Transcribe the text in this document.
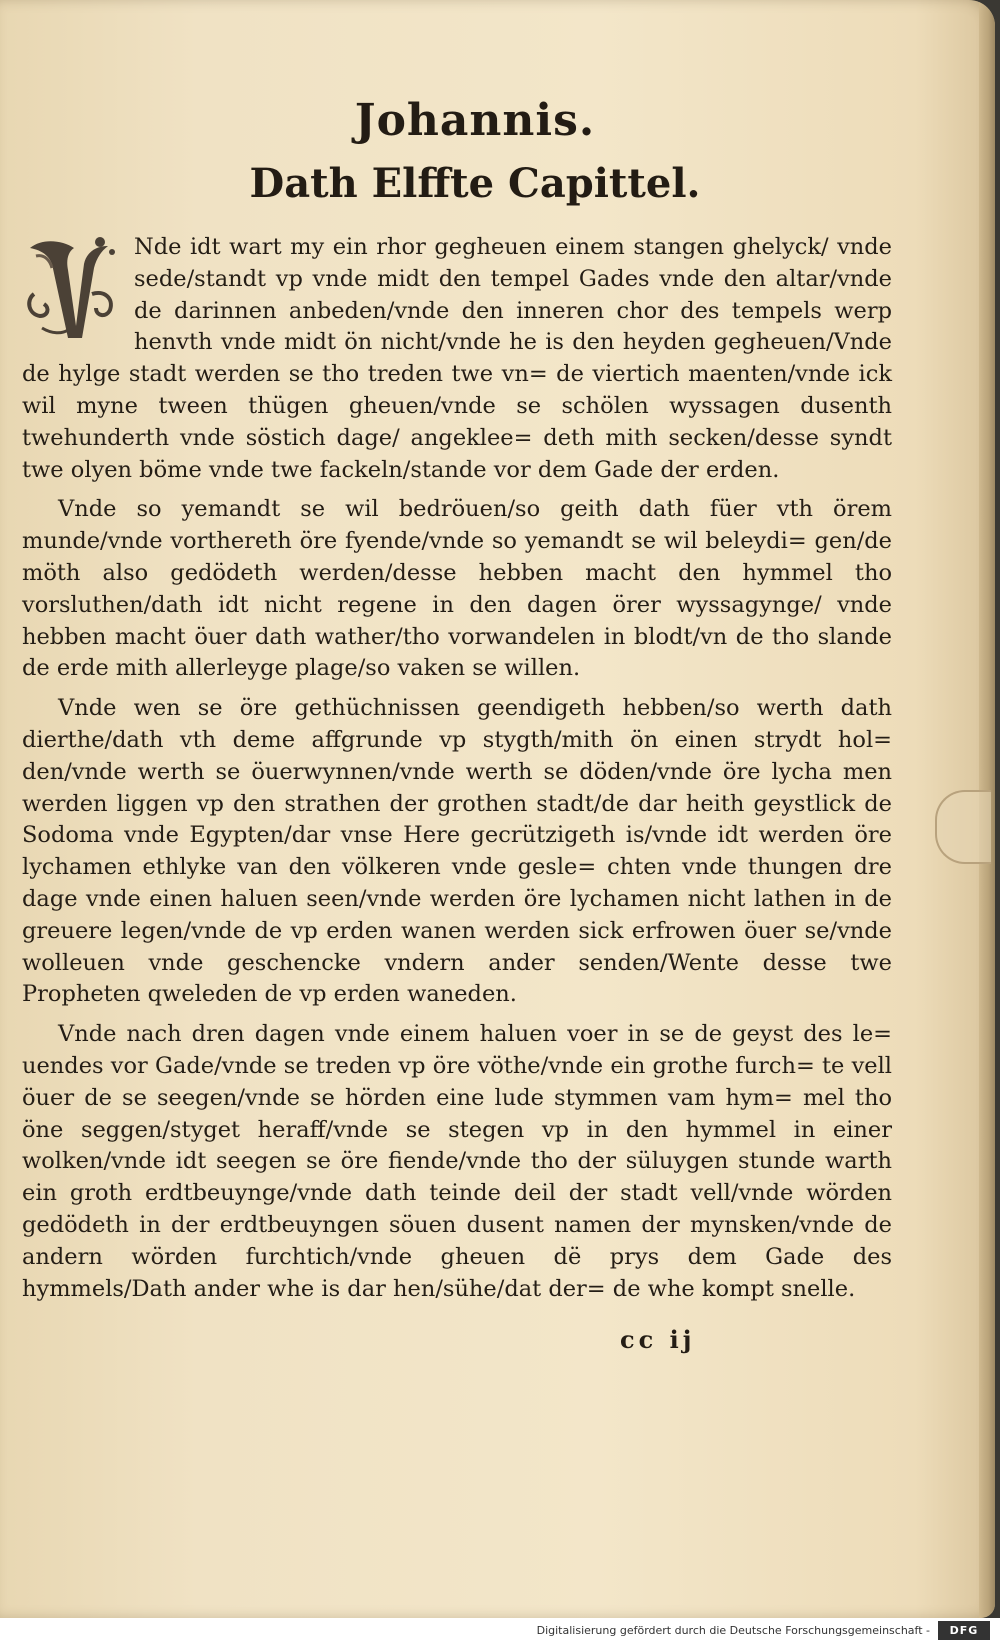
Johannis.
Dath Elffte Capittel.

Nde idt wart my ein rhor gegheuen einem stangen ghelyck/ vnde sede/standt vp vnde midt den tempel Gades vnde den altar/vnde de darinnen anbeden/vnde den inneren chor des tempels werp henvth vnde midt ön nicht/vnde he is den heyden gegheuen/Vnde de hylge stadt werden se tho treden twe vn= de viertich maenten/vnde ick wil myne tween thügen gheuen/vnde se schölen wyssagen dusenth twehunderth vnde söstich dage/ angeklee= deth mith secken/desse syndt twe olyen böme vnde twe fackeln/stande vor dem Gade der erden.

Vnde so yemandt se wil bedröuen/so geith dath füer vth örem munde/vnde vorthereth öre fyende/vnde so yemandt se wil beleydi= gen/de möth also gedödeth werden/desse hebben macht den hymmel tho vorsluthen/dath idt nicht regene in den dagen örer wyssagynge/ vnde hebben macht öuer dath wather/tho vorwandelen in blodt/vn de tho slande de erde mith allerleyge plage/so vaken se willen.

Vnde wen se öre gethüchnissen geendigeth hebben/so werth dath dierthe/dath vth deme affgrunde vp stygth/mith ön einen strydt hol= den/vnde werth se öuerwynnen/vnde werth se döden/vnde öre lycha men werden liggen vp den strathen der grothen stadt/de dar heith geystlick de Sodoma vnde Egypten/dar vnse Here gecrützigeth is/vnde idt werden öre lychamen ethlyke van den völkeren vnde gesle= chten vnde thungen dre dage vnde einen haluen seen/vnde werden öre lychamen nicht lathen in de greuere legen/vnde de vp erden wanen werden sick erfrowen öuer se/vnde wolleuen vnde geschencke vndern ander senden/Wente desse twe Propheten qweleden de vp erden waneden.

Vnde nach dren dagen vnde einem haluen voer in se de geyst des le= uendes vor Gade/vnde se treden vp öre vöthe/vnde ein grothe furch= te vell öuer de se seegen/vnde se hörden eine lude stymmen vam hym= mel tho öne seggen/styget heraff/vnde se stegen vp in den hymmel in einer wolken/vnde idt seegen se öre fiende/vnde tho der süluygen stunde warth ein groth erdtbeuynge/vnde dath teinde deil der stadt vell/vnde wörden gedödeth in der erdtbeuyngen söuen dusent namen der mynsken/vnde de andern wörden furchtich/vnde gheuen dë prys dem Gade des hymmels/Dath ander whe is dar hen/sühe/dat der= de whe kompt snelle.

cc ij
Digitalisierung gefördert durch die Deutsche Forschungsgemeinschaft -	DFG
